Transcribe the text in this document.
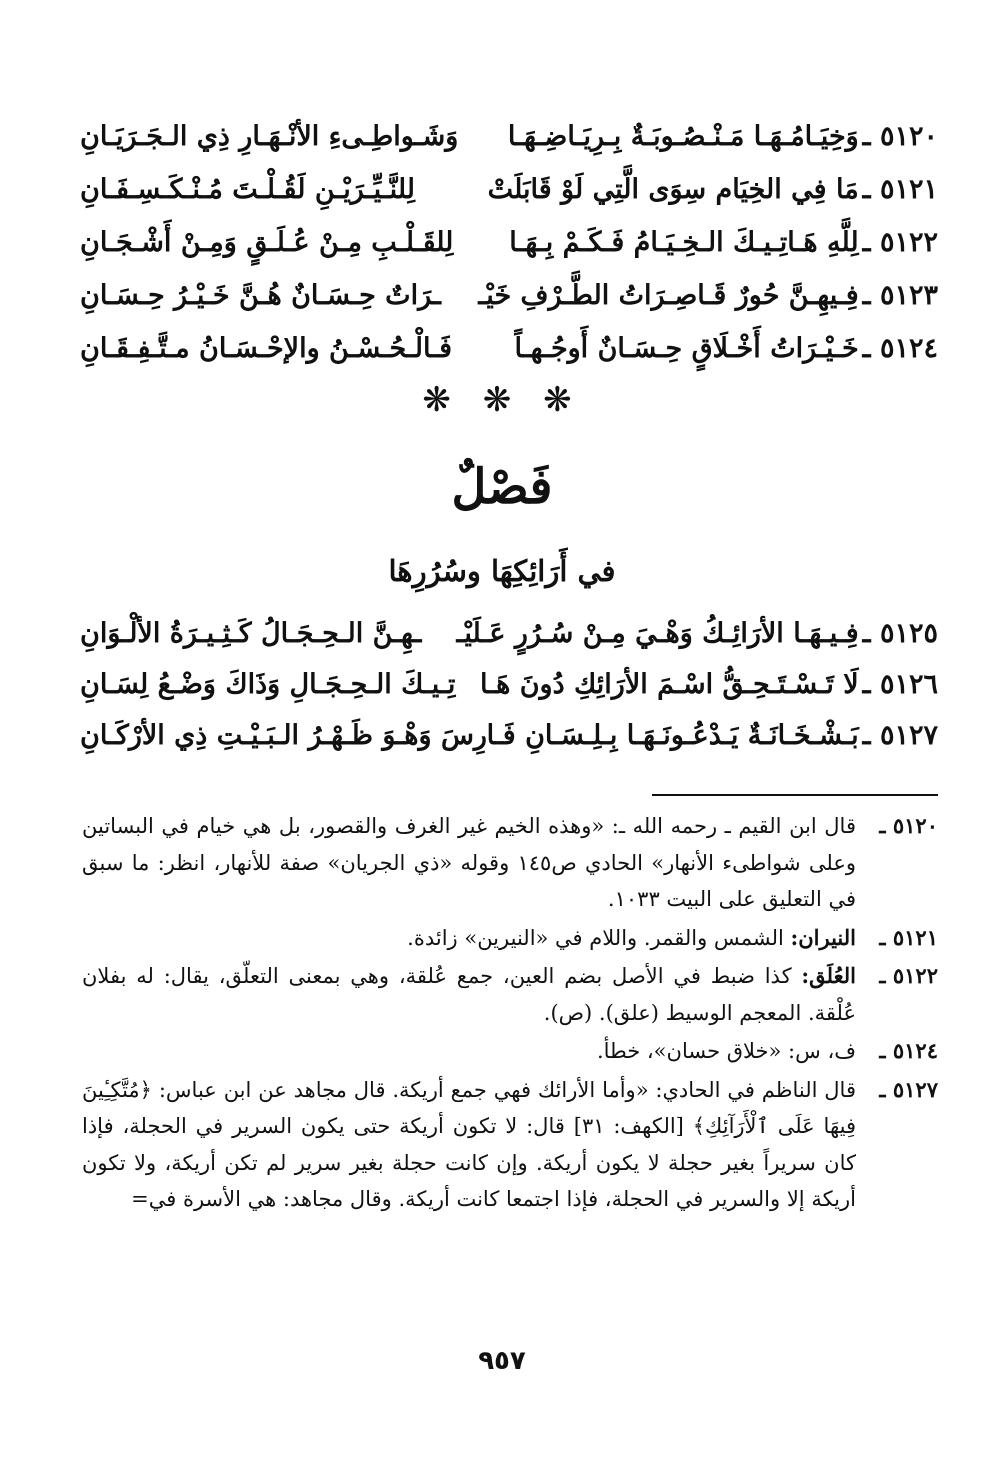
٥١٢٠ ـوَخِيَـامُـهَـا مَـنْـصُـوبَـةٌ بِـرِيَـاضِـهَـا
وَشَـواطِـىءِ الأنْـهَـارِ ذِي الـجَـرَيَـانِ
٥١٢١ ـمَا فِي الخِيَام سِوَى الَّتِي لَوْ قَابَلَتْ
لِلنَّـيِّـرَيْـنِ لَقُـلْـتَ مُـنْـكَـسِـفَـانِ
٥١٢٢ ـلِلَّهِ هَـاتِـيـكَ الـخِـيَـامُ فَـكَـمْ بِـهَـا
لِلقَـلْـبِ مِـنْ عُـلَـقٍ وَمِـنْ أَشْـجَـانِ
٥١٢٣ ـفِـيهِـنَّ حُورٌ قَـاصِـرَاتُ الطَّـرْفِ خَيْـ
ـرَاتٌ حِـسَـانٌ هُـنَّ خَـيْـرُ حِـسَـانِ
٥١٢٤ ـخَـيْـرَاتُ أَخْـلَاقٍ حِـسَـانٌ أَوجُـهـاً
فَـالْـحُـسْـنُ والإحْـسَـانُ مـتَّـفِـقَـانِ
❋ ❋ ❋
فَصْلٌ
في أَرَائِكِهَا وسُرُرِهَا
٥١٢٥ ـفِـيـهَـا الأرَائِـكُ وَهْـيَ مِـنْ سُـرُرٍ عَـلَيْـ
ـهِـنَّ الـحِـجَـالُ كَـثِـيـرَةُ الألْـوَانِ
٥١٢٦ ـلَا تَـسْـتَـحِـقُّ اسْـمَ الأرَائِكِ دُونَ هَـا
تِـيـكَ الـحِـجَـالِ وَذَاكَ وَضْـعُ لِسَـانِ
٥١٢٧ ـبَـشْـخَـانَـةٌ يَـدْعُـونَـهَـا بِـلِـسَـانِ فَـا
رِسَ وَهْـوَ ظَـهْـرُ الـبَـيْـتِ ذِي الأرْكَـانِ

٥١٢٠ ـقال ابن القيم ـ رحمه الله ـ: «وهذه الخيم غير الغرف والقصور، بل هي خيام في البساتين وعلى شواطىء الأنهار» الحادي ص١٤٥ وقوله «ذي الجريان» صفة للأنهار، انظر: ما سبق في التعليق على البيت ١٠٣٣.

٥١٢١ ـالنيران: الشمس والقمر. واللام في «النيرين» زائدة.

٥١٢٢ ـالعُلَق: كذا ضبط في الأصل بضم العين، جمع عُلقة، وهي بمعنى التعلّق، يقال: له بفلان عُلْقة. المعجم الوسيط (علق). (ص).

٥١٢٤ ـف، س: «خلاق حسان»، خطأ.

٥١٢٧ ـقال الناظم في الحادي: «وأما الأرائك فهي جمع أريكة. قال مجاهد عن ابن عباس: ﴿مُتَّكِـِٔينَ فِيهَا عَلَى ٱلْأَرَآئِكِ﴾ [الكهف: ٣١] قال: لا تكون أريكة حتى يكون السرير في الحجلة، فإذا كان سريراً بغير حجلة لا يكون أريكة. وإن كانت حجلة بغير سرير لم تكن أريكة، ولا تكون أريكة إلا والسرير في الحجلة، فإذا اجتمعا كانت أريكة. وقال مجاهد: هي الأسرة في=

٩٥٧
